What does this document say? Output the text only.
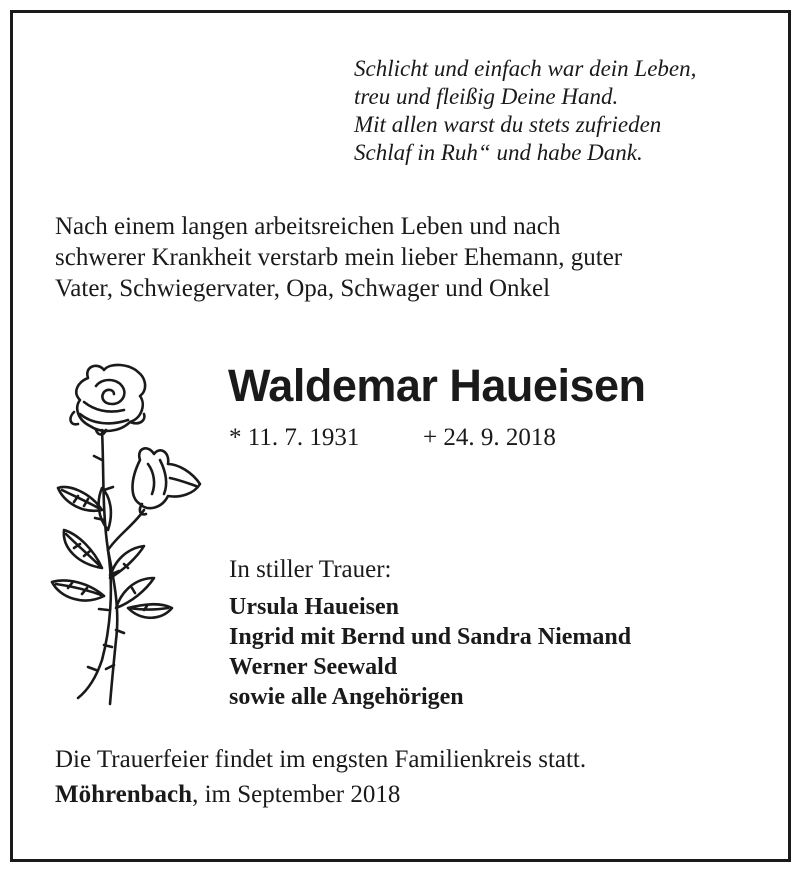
Schlicht und einfach war dein Leben,
treu und fleißig Deine Hand.
Mit allen warst du stets zufrieden
Schlaf in Ruh“ und habe Dank.
Nach einem langen arbeitsreichen Leben und nach
schwerer Krankheit verstarb mein lieber Ehemann, guter
Vater, Schwiegervater, Opa, Schwager und Onkel
Waldemar Haueisen
* 11. 7. 1931	+ 24. 9. 2018
In stiller Trauer:
Ursula Haueisen
Ingrid mit Bernd und Sandra Niemand
Werner Seewald
sowie alle Angehörigen
Die Trauerfeier findet im engsten Familienkreis statt.
Möhrenbach, im September 2018
